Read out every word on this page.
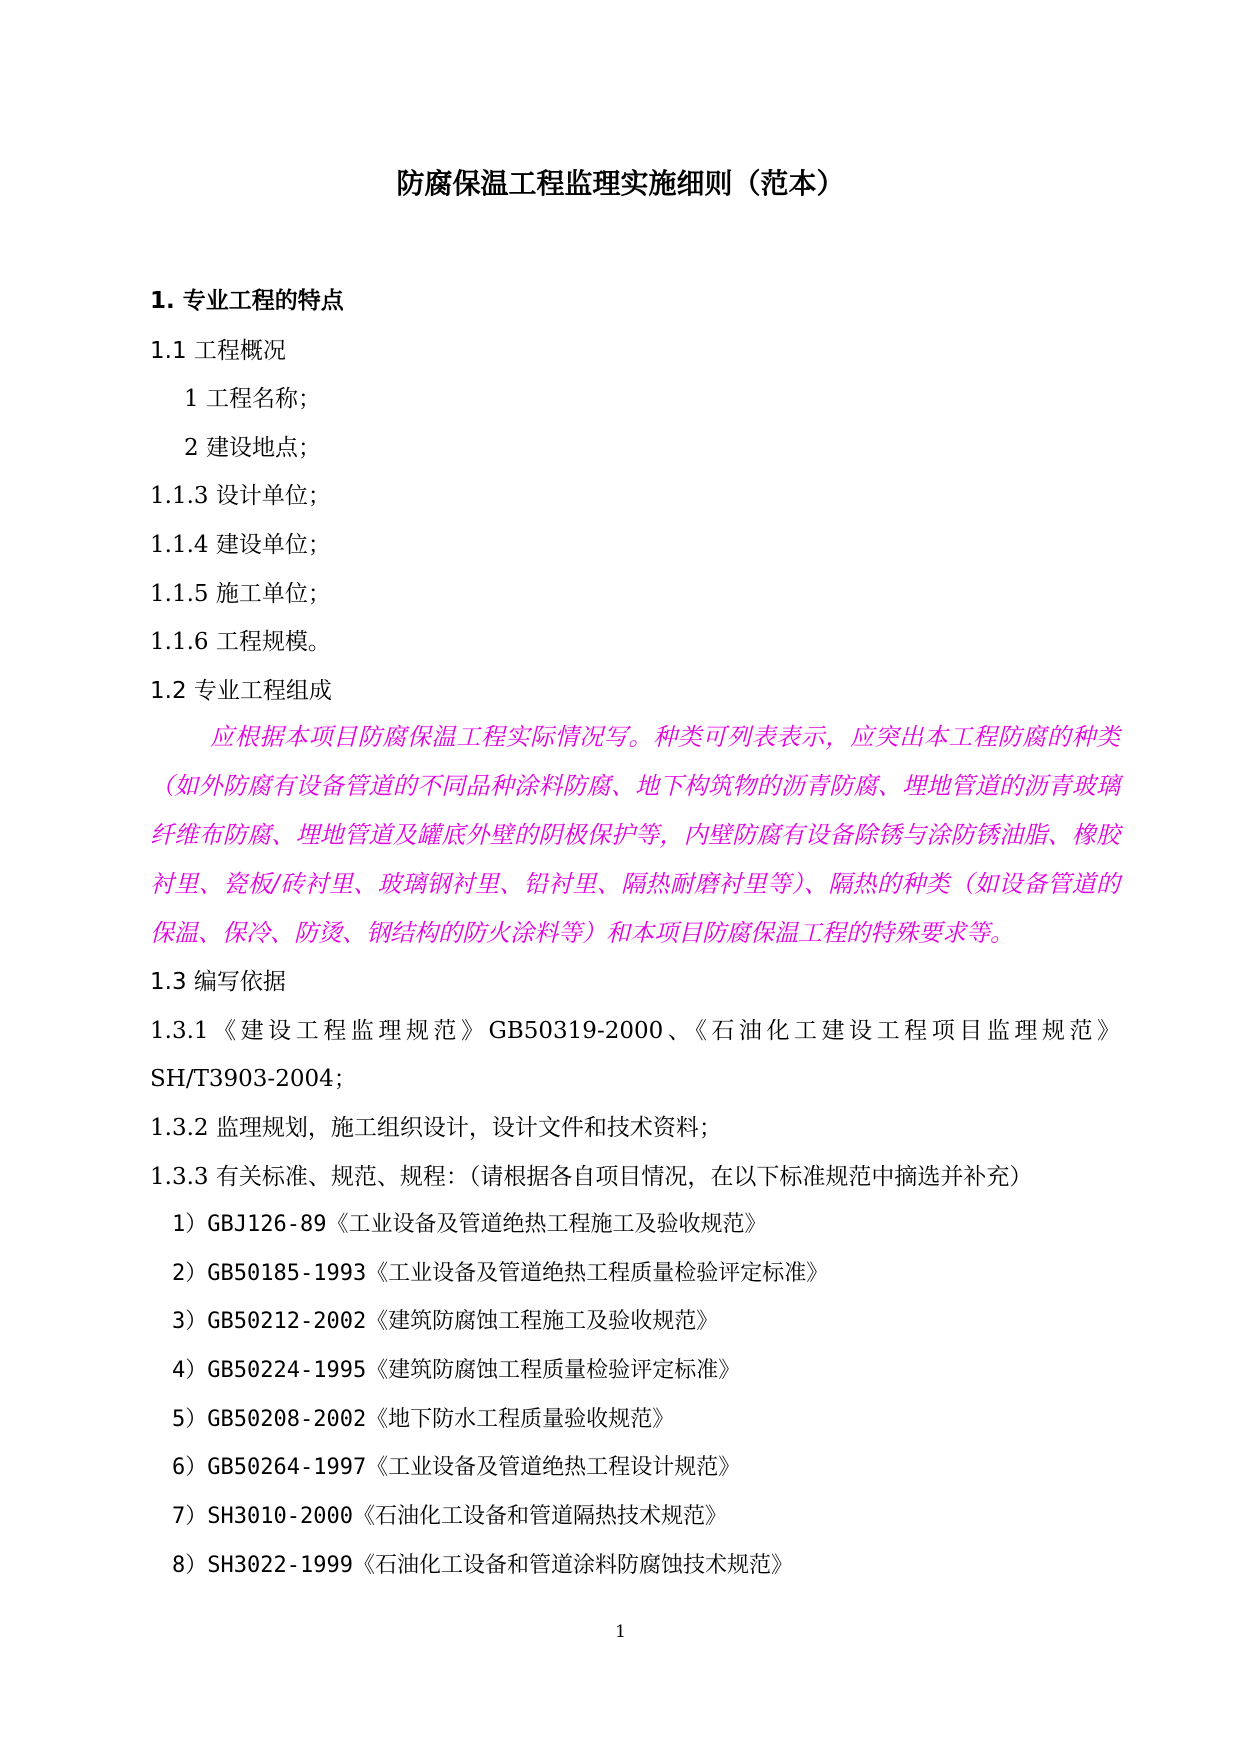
防腐保温工程监理实施细则（范本）
1. 专业工程的特点
1.1 工程概况
1 工程名称；
2 建设地点；
1.1.3 设计单位；
1.1.4 建设单位；
1.1.5 施工单位；
1.1.6 工程规模。
1.2 专业工程组成
应根据本项目防腐保温工程实际情况写。种类可列表表示，应突出本工程防腐的种类（如外防腐有设备管道的不同品种涂料防腐、地下构筑物的沥青防腐、埋地管道的沥青玻璃纤维布防腐、埋地管道及罐底外壁的阴极保护等，内壁防腐有设备除锈与涂防锈油脂、橡胶衬里、瓷板/砖衬里、玻璃钢衬里、铅衬里、隔热耐磨衬里等）、隔热的种类（如设备管道的保温、保冷、防烫、钢结构的防火涂料等）和本项目防腐保温工程的特殊要求等。
1.3 编写依据
1.3.1《建设工程监理规范》GB50319-2000、《石油化工建设工程项目监理规范》
SH/T3903-2004；
1.3.2 监理规划，施工组织设计，设计文件和技术资料；
1.3.3 有关标准、规范、规程：（请根据各自项目情况，在以下标准规范中摘选并补充）
1）GBJ126-89《工业设备及管道绝热工程施工及验收规范》
2）GB50185-1993《工业设备及管道绝热工程质量检验评定标准》
3）GB50212-2002《建筑防腐蚀工程施工及验收规范》
4）GB50224-1995《建筑防腐蚀工程质量检验评定标准》
5）GB50208-2002《地下防水工程质量验收规范》
6）GB50264-1997《工业设备及管道绝热工程设计规范》
7）SH3010-2000《石油化工设备和管道隔热技术规范》
8）SH3022-1999《石油化工设备和管道涂料防腐蚀技术规范》
1
